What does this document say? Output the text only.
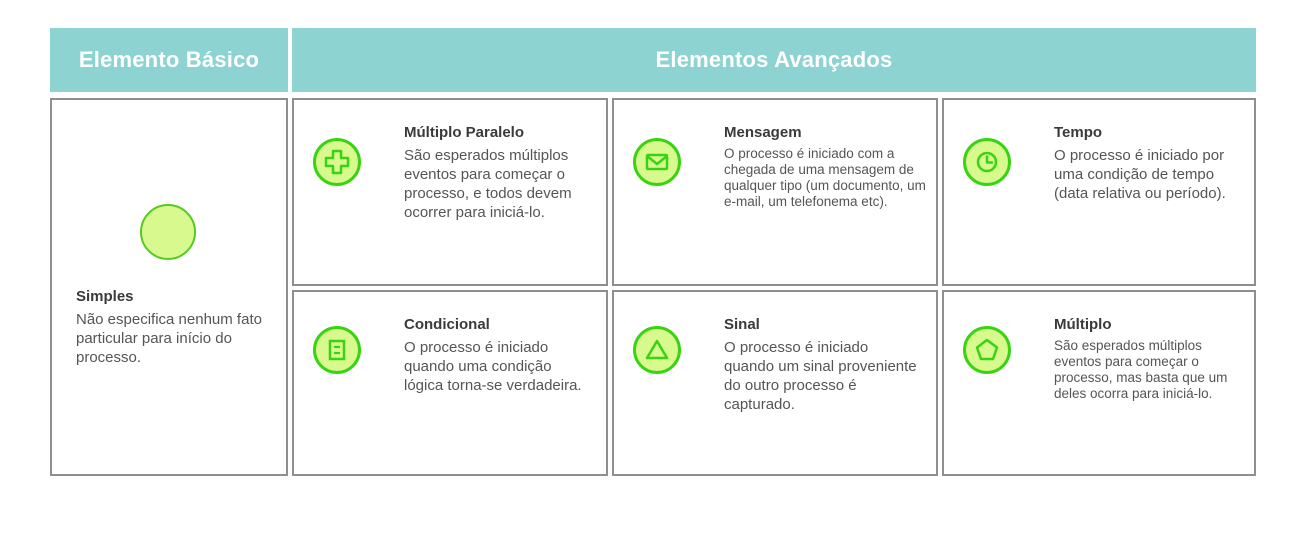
Elemento Básico	Elementos Avançados
Simples
Não especifica nenhum fato particular para início do processo.
Múltiplo Paralelo
São esperados múltiplos eventos para começar o processo, e todos devem ocorrer para iniciá-lo.
Mensagem
O processo é iniciado com a chegada de uma mensagem de qualquer tipo (um documento, um e-mail, um telefonema etc).
Tempo
O processo é iniciado por uma condição de tempo (data relativa ou período).
Condicional
O processo é iniciado quando uma condição lógica torna-se verdadeira.
Sinal
O processo é iniciado quando um sinal proveniente do outro processo é capturado.
Múltiplo
São esperados múltiplos eventos para começar o processo, mas basta que um deles ocorra para iniciá-lo.
